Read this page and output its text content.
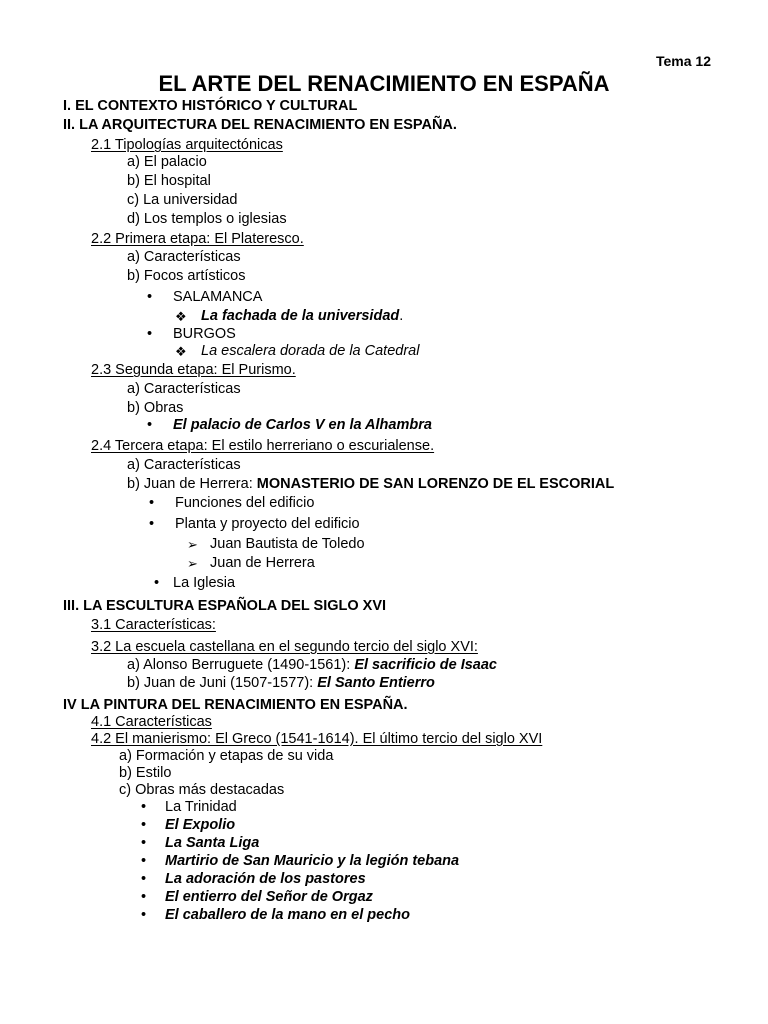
Tema 12
EL ARTE DEL RENACIMIENTO EN ESPAÑA
I. EL CONTEXTO HISTÓRICO Y CULTURAL
II. LA ARQUITECTURA DEL RENACIMIENTO EN ESPAÑA.
2.1 Tipologías arquitectónicas
a) El palacio
b) El hospital
c) La universidad
d) Los templos o iglesias
2.2 Primera etapa: El Plateresco.
a) Características
b) Focos artísticos
• SALAMANCA
❖ La fachada de la universidad.
• BURGOS
❖ La escalera dorada de la Catedral
2.3 Segunda etapa: El Purismo.
a) Características
b) Obras
• El palacio de Carlos V en la Alhambra
2.4 Tercera etapa: El estilo herreriano o escurialense.
a) Características
b) Juan de Herrera: MONASTERIO DE SAN LORENZO DE EL ESCORIAL
• Funciones del edificio
• Planta y proyecto del edificio
➢ Juan Bautista de Toledo
➢ Juan de Herrera
• La Iglesia
III. LA ESCULTURA ESPAÑOLA DEL SIGLO XVI
3.1 Características:
3.2 La escuela castellana en el segundo tercio del siglo XVI:
a) Alonso Berruguete (1490-1561): El sacrificio de Isaac
b) Juan de Juni (1507-1577): El Santo Entierro
IV LA PINTURA DEL RENACIMIENTO EN ESPAÑA.
4.1 Características
4.2 El manierismo: El Greco (1541-1614). El último tercio del siglo XVI
a) Formación y etapas de su vida
b) Estilo
c) Obras más destacadas
• La Trinidad
• El Expolio
• La Santa Liga
• Martirio de San Mauricio y la legión tebana
• La adoración de los pastores
• El entierro del Señor de Orgaz
• El caballero de la mano en el pecho
